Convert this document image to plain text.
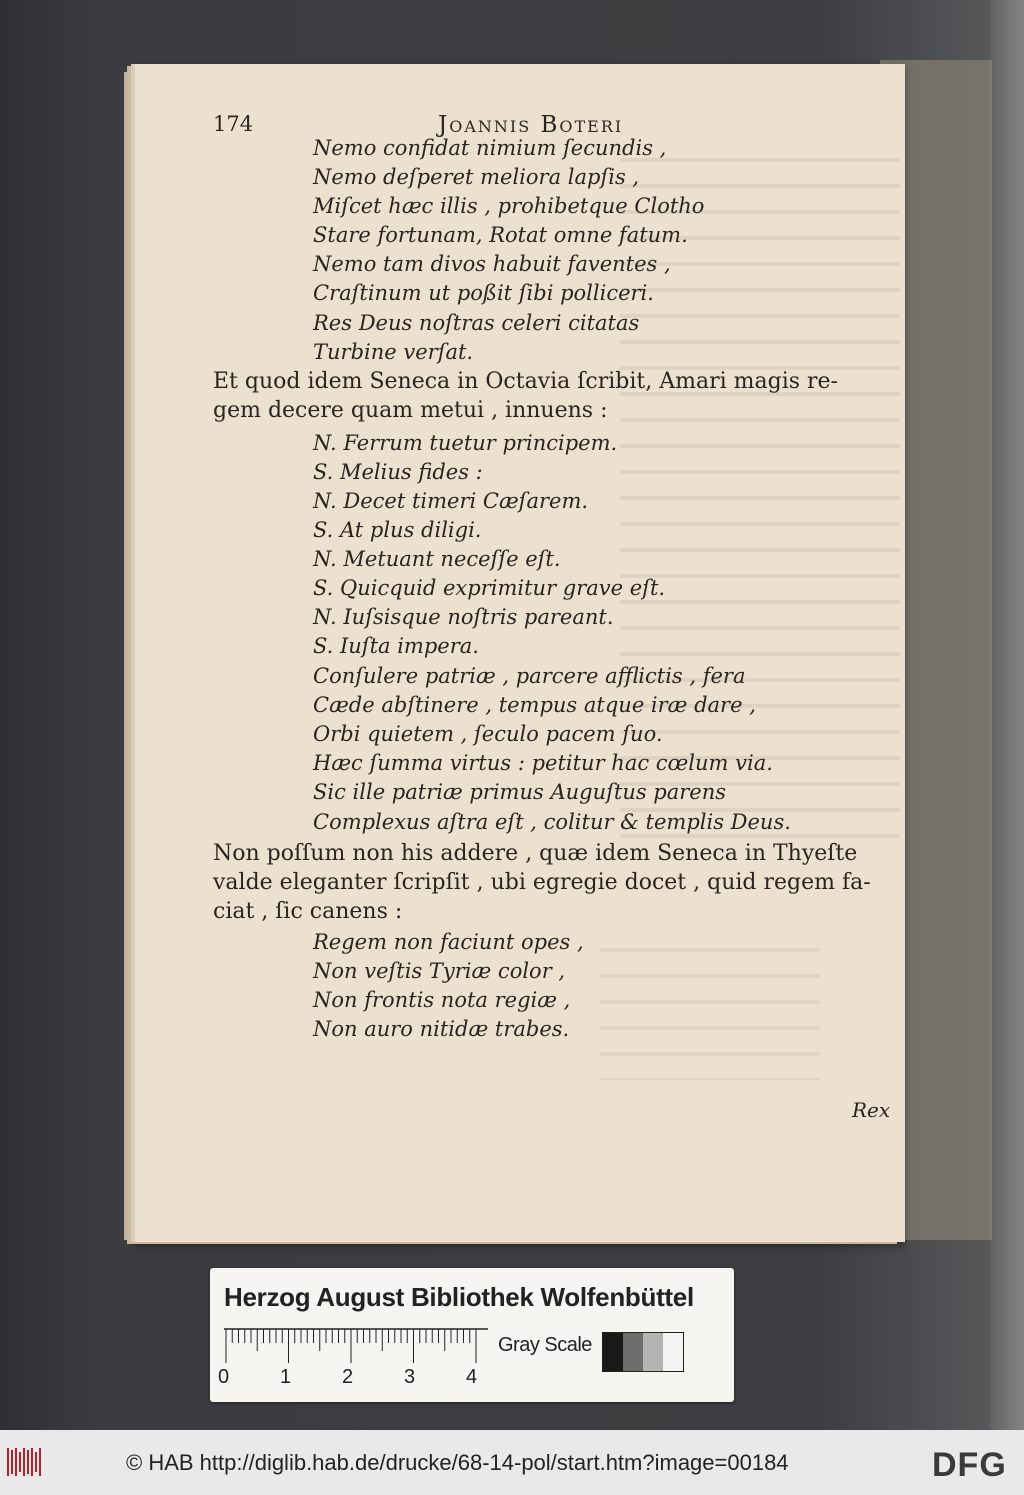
174	Joannis Boteri
Nemo confidat nimium ſecundis ,
Nemo deſperet meliora lapſis ,
Miſcet hæc illis , prohibetque Clotho
Stare fortunam, Rotat omne fatum.
Nemo tam divos habuit faventes ,
Craſtinum ut poßit ſibi polliceri.
Res Deus noſtras celeri citatas
Turbine verſat.
Et quod idem Seneca in Octavia ſcribit, Amari magis re-
gem decere quam metui , innuens :
N. Ferrum tuetur principem.
S. Melius fides :
N. Decet timeri Cæſarem.
S. At plus diligi.
N. Metuant neceſſe eſt.
S. Quicquid exprimitur grave eſt.
N. Iuſsisque noſtris pareant.
S. Iuſta impera.
Conſulere patriæ , parcere afflictis , fera
Cæde abſtinere , tempus atque iræ dare ,
Orbi quietem , ſeculo pacem ſuo.
Hæc ſumma virtus : petitur hac cœlum via.
Sic ille patriæ primus Auguſtus parens
Complexus aſtra eſt , colitur & templis Deus.
Non poſſum non his addere , quæ idem Seneca in Thyeſte
valde eleganter ſcripſit , ubi egregie docet , quid regem fa-
ciat , ſic canens :
Regem non faciunt opes ,
Non veſtis Tyriæ color ,
Non frontis nota regiæ ,
Non auro nitidæ trabes.
Rex
Herzog August Bibliothek Wolfenbüttel
0	1	2	3	4
Gray Scale
© HAB http://diglib.hab.de/drucke/68-14-pol/start.htm?image=00184	DFG
